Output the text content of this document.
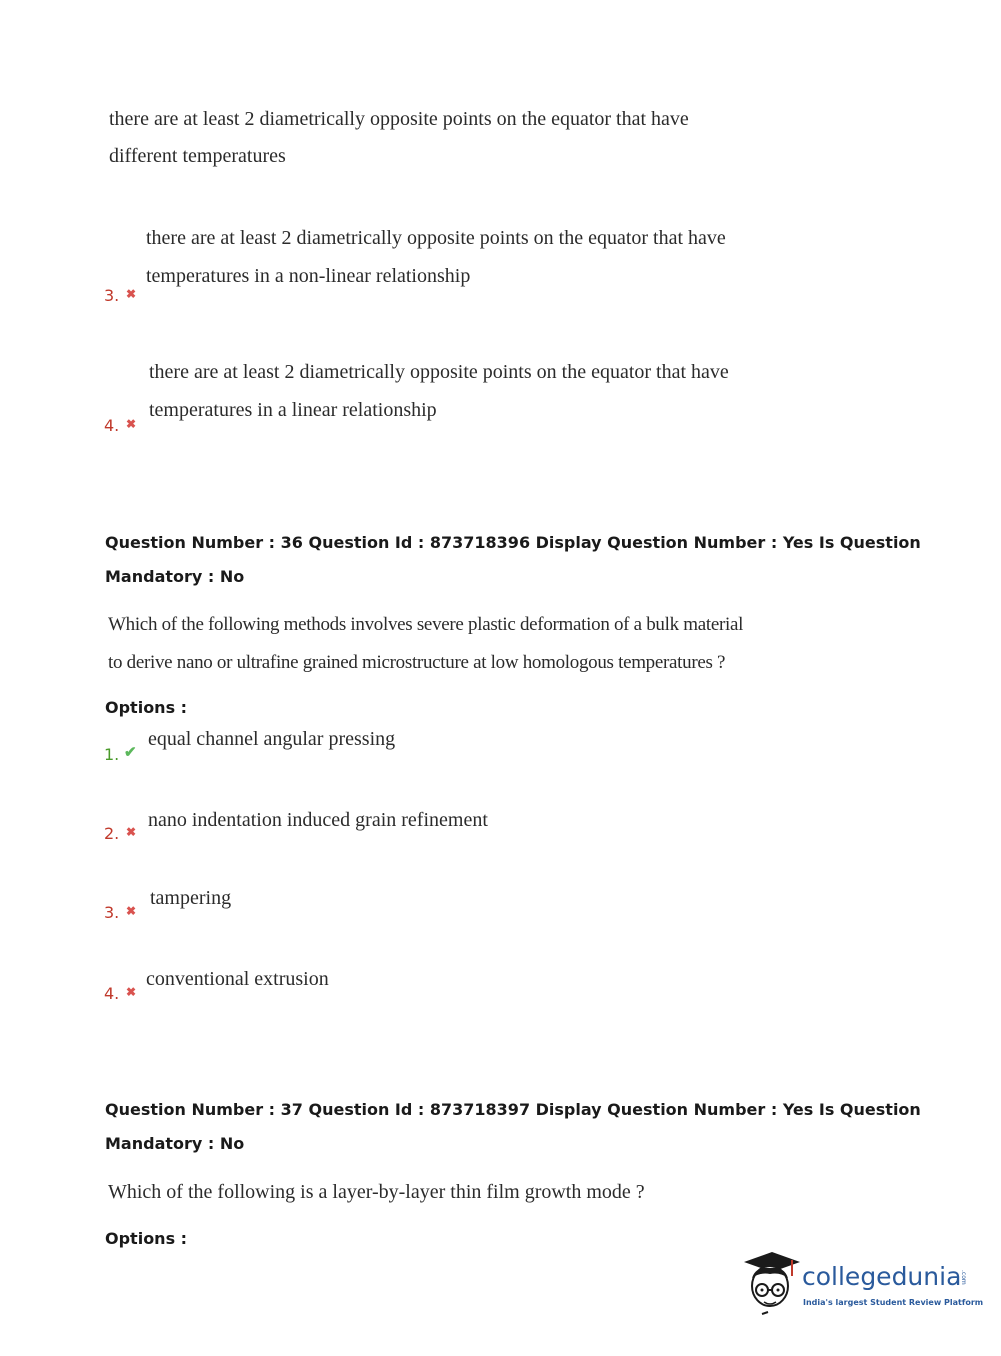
there are at least 2 diametrically opposite points on the equator that have
different temperatures
there are at least 2 diametrically opposite points on the equator that have
temperatures in a non-linear relationship
3. ✖
there are at least 2 diametrically opposite points on the equator that have
temperatures in a linear relationship
4. ✖
Question Number : 36 Question Id : 873718396 Display Question Number : Yes Is Question
Mandatory : No
Which of the following methods involves severe plastic deformation of a bulk material
to derive nano or ultrafine grained microstructure at low homologous temperatures ?
Options :
equal channel angular pressing
1. ✔
nano indentation induced grain refinement
2. ✖
tampering
3. ✖
conventional extrusion
4. ✖
Question Number : 37 Question Id : 873718397 Display Question Number : Yes Is Question
Mandatory : No
Which of the following is a layer-by-layer thin film growth mode ?
Options :
collegedunia
.com
India's largest Student Review Platform
